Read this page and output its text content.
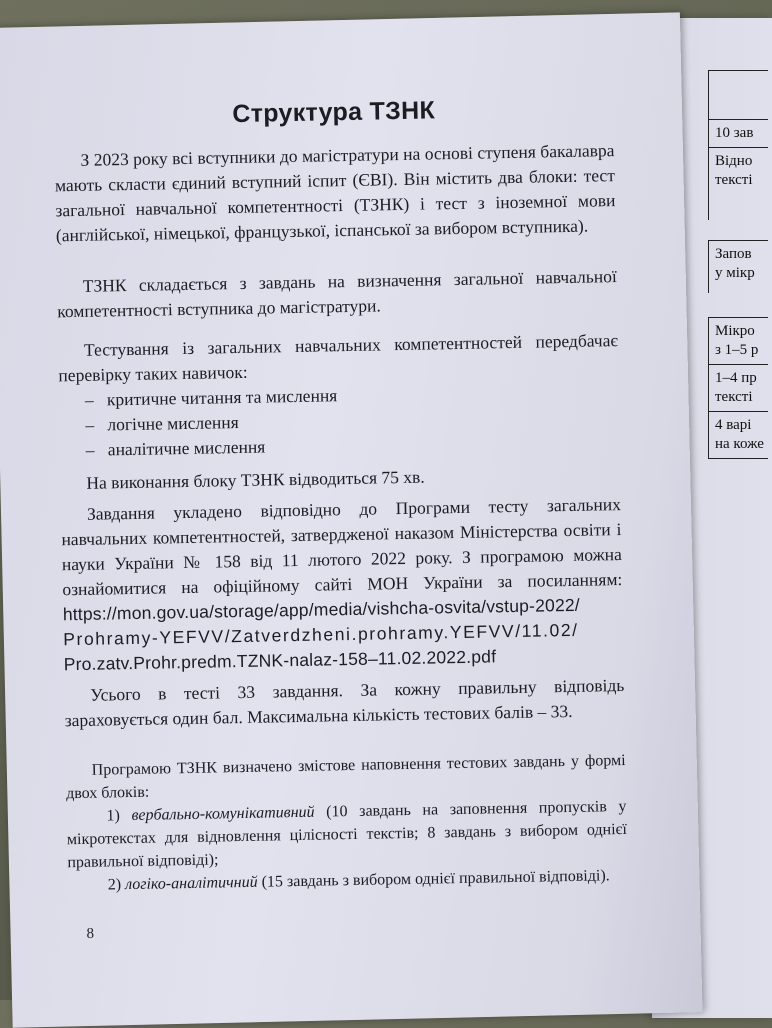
10 зав
Відно
тексті
Запов
у мікр
Мікро
з 1–5 р
1–4 пр
тексті
4 варі
на коже
Структура ТЗНК

З 2023 року всі вступники до магістратури на основі ступеня бакалавра мають скласти єдиний вступний іспит (ЄВІ). Він містить два блоки: тест загальної навчальної компетентності (ТЗНК) і тест з іноземної мови (англійської, німецької, французької, іспанської за вибором вступника).

ТЗНК складається з завдань на визначення загальної навчальної компетентності вступника до магістратури.

Тестування із загальних навчальних компетентностей передбачає перевірку таких навичок:

– критичне читання та мислення
– логічне мислення
– аналітичне мислення

На виконання блоку ТЗНК відводиться 75 хв.

Завдання укладено відповідно до Програми тесту загальних навчальних компетентностей, затвердженої наказом Міністерства освіти і науки України № 158 від 11 лютого 2022 року. З програмою можна ознайомитися на офіційному сайті МОН України за посиланням: https://mon.gov.ua/storage/app/media/vishcha-osvita/vstup-2022/
Prohramy-YEFVV/Zatverdzheni.prohramy.YEFVV/11.02/
Pro.zatv.Prohr.predm.TZNK-nalaz-158–11.02.2022.pdf

Усього в тесті 33 завдання. За кожну правильну відповідь зараховується один бал. Максимальна кількість тестових балів – 33.

Програмою ТЗНК визначено змістове наповнення тестових завдань у формі двох блоків:

1) вербально-комунікативний (10 завдань на заповнення пропусків у мікротекстах для відновлення цілісності текстів; 8 завдань з вибором однієї правильної відповіді);

2) логіко-аналітичний (15 завдань з вибором однієї правильної відповіді).

8
